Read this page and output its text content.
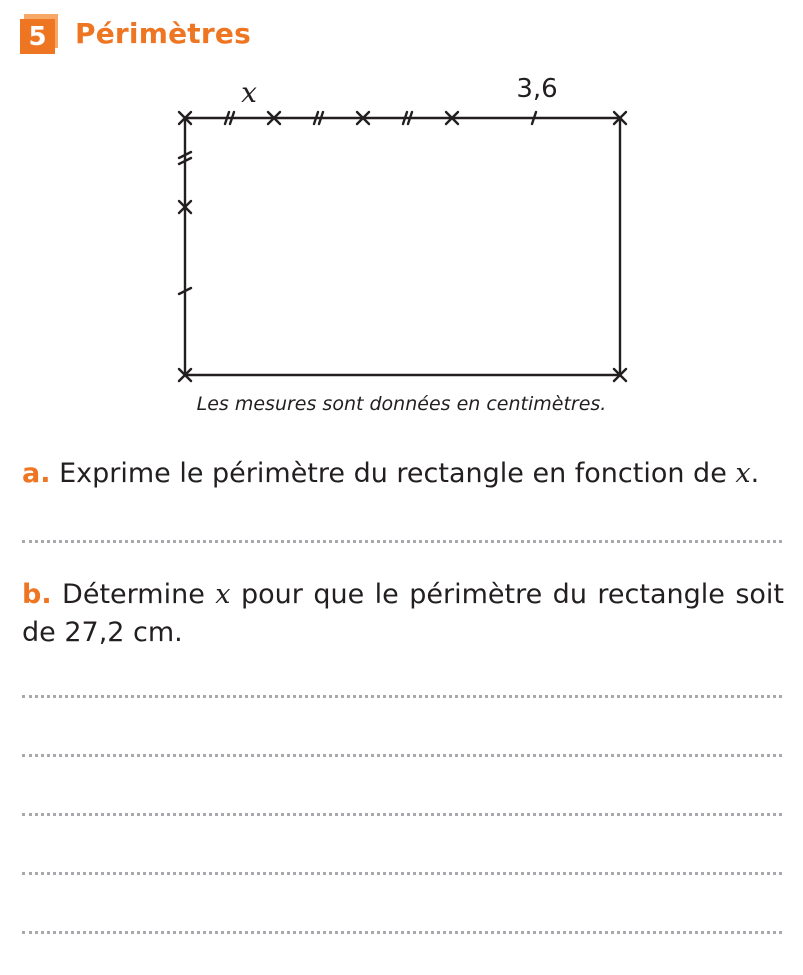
5	Périmètres
x	3,6
Les mesures sont données en centimètres.
a. Exprime le périmètre du rectangle en fonction de x.
b. Détermine x pour que le périmètre du rectangle soit de 27,2 cm.
